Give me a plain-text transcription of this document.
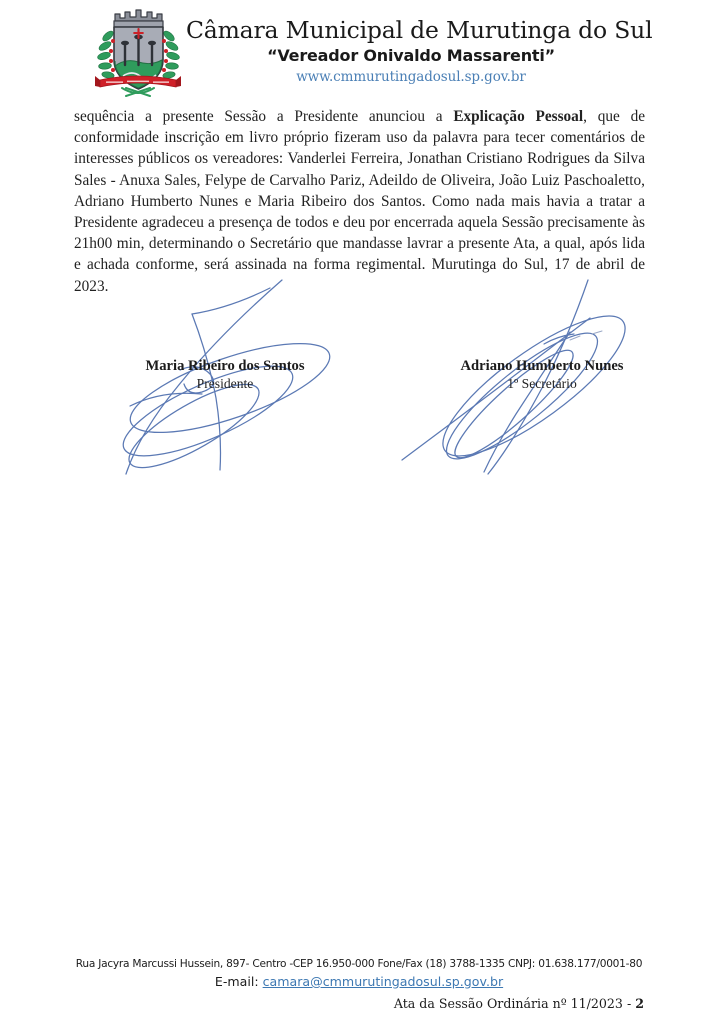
Câmara Municipal de Murutinga do Sul
“Vereador Onivaldo Massarenti”
www.cmmurutingadosul.sp.gov.br
sequência a presente Sessão a Presidente anunciou a Explicação Pessoal, que de conformidade inscrição em livro próprio fizeram uso da palavra para tecer comentários de interesses públicos os vereadores: Vanderlei Ferreira, Jonathan Cristiano Rodrigues da Silva Sales - Anuxa Sales, Felype de Carvalho Pariz, Adeildo de Oliveira, João Luiz Paschoaletto, Adriano Humberto Nunes e Maria Ribeiro dos Santos. Como nada mais havia a tratar a Presidente agradeceu a presença de todos e deu por encerrada aquela Sessão precisamente às 21h00 min, determinando o Secretário que mandasse lavrar a presente Ata, a qual, após lida e achada conforme, será assinada na forma regimental. Murutinga do Sul, 17 de abril de 2023.
Maria Ribeiro dos Santos
Presidente
Adriano Humberto Nunes
1º Secretário
Rua Jacyra Marcussi Hussein, 897- Centro -CEP 16.950-000 Fone/Fax (18) 3788-1335 CNPJ: 01.638.177/0001-80
E-mail: camara@cmmurutingadosul.sp.gov.br
Ata da Sessão Ordinária nº 11/2023 - 2
